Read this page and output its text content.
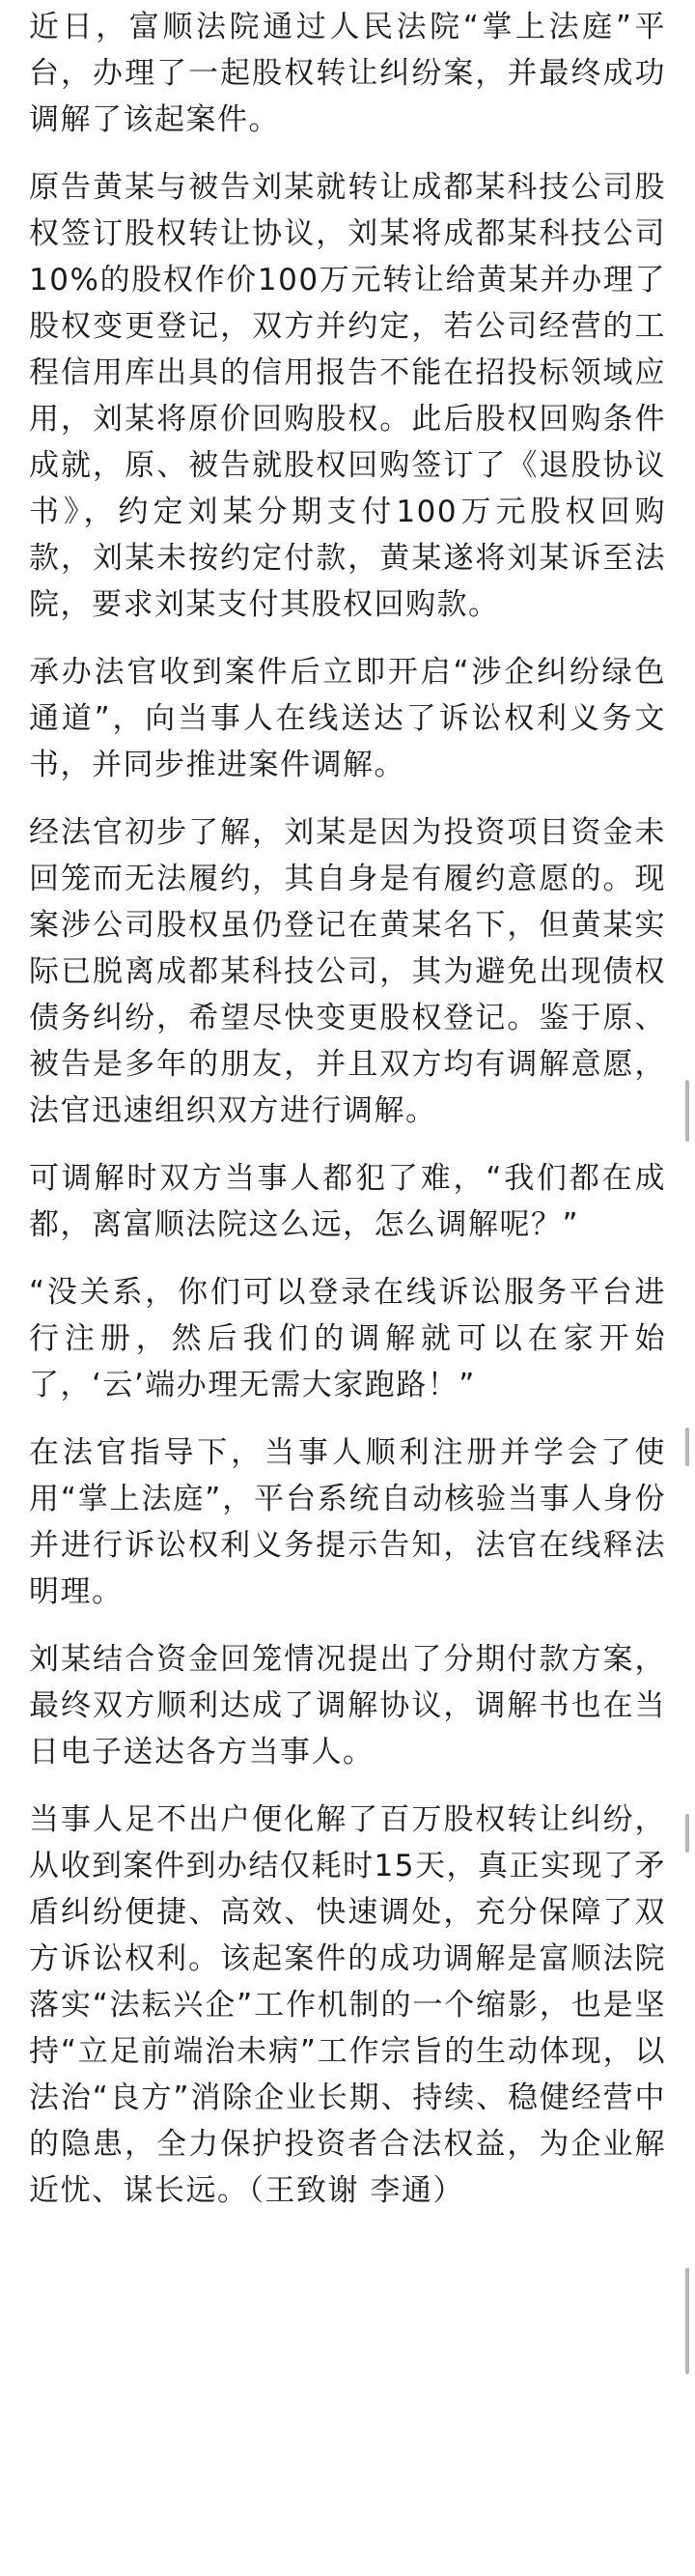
近日，富顺法院通过人民法院“掌上法庭”平台，办理了一起股权转让纠纷案，并最终成功调解了该起案件。

原告黄某与被告刘某就转让成都某科技公司股权签订股权转让协议，刘某将成都某科技公司10%的股权作价100万元转让给黄某并办理了股权变更登记，双方并约定，若公司经营的工程信用库出具的信用报告不能在招投标领域应用，刘某将原价回购股权。此后股权回购条件成就，原、被告就股权回购签订了《退股协议书》，约定刘某分期支付100万元股权回购款，刘某未按约定付款，黄某遂将刘某诉至法院，要求刘某支付其股权回购款。

承办法官收到案件后立即开启“涉企纠纷绿色通道”，向当事人在线送达了诉讼权利义务文书，并同步推进案件调解。

经法官初步了解，刘某是因为投资项目资金未回笼而无法履约，其自身是有履约意愿的。现案涉公司股权虽仍登记在黄某名下，但黄某实际已脱离成都某科技公司，其为避免出现债权债务纠纷，希望尽快变更股权登记。鉴于原、被告是多年的朋友，并且双方均有调解意愿，法官迅速组织双方进行调解。

可调解时双方当事人都犯了难，“我们都在成都，离富顺法院这么远，怎么调解呢？”

“没关系，你们可以登录在线诉讼服务平台进行注册，然后我们的调解就可以在家开始了，‘云’端办理无需大家跑路！”

在法官指导下，当事人顺利注册并学会了使用“掌上法庭”，平台系统自动核验当事人身份并进行诉讼权利义务提示告知，法官在线释法明理。

刘某结合资金回笼情况提出了分期付款方案，最终双方顺利达成了调解协议，调解书也在当日电子送达各方当事人。

当事人足不出户便化解了百万股权转让纠纷，从收到案件到办结仅耗时15天，真正实现了矛盾纠纷便捷、高效、快速调处，充分保障了双方诉讼权利。该起案件的成功调解是富顺法院落实“法耘兴企”工作机制的一个缩影，也是坚持“立足前端治未病”工作宗旨的生动体现，以法治“良方”消除企业长期、持续、稳健经营中的隐患，全力保护投资者合法权益，为企业解近忧、谋长远。（王致谢 李通）
